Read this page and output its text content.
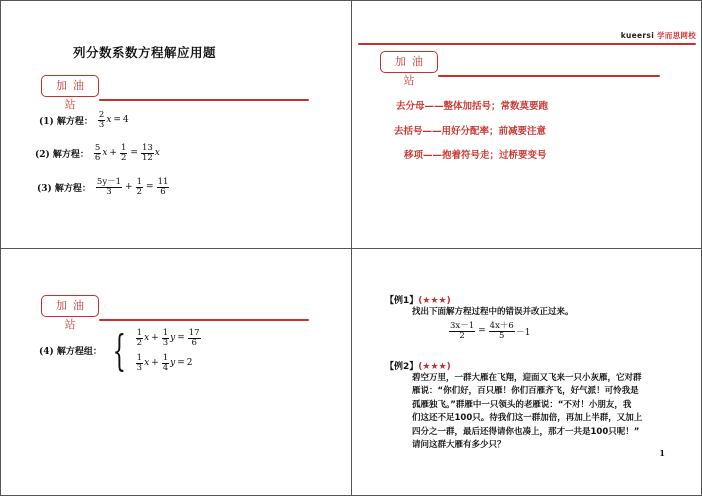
列分数系数方程解应用题
加油站
(1) 解方程： $\frac{2}{3}$ x = 4
(2) 解方程： $\frac{5}{6}$ $x + \frac{1}{2} = \frac{13}{12}$ x
(3) 解方程： $\frac{5y-1}{3} + \frac{1}{2} = \frac{11}{6}$
kueersi 学而思网校
加油站
去分母——整体加括号；常数莫要跑
去括号——用好分配率；前减要注意
移项——抱着符号走；过桥要变号
加油站
(4) 解方程组： { $\frac{1}{2}$ $x + \frac{1}{3}$ $y = \frac{17}{6}$
$\frac{1}{3}$ $x + \frac{1}{4}$ y = 2
【例1】(★★★)
找出下面解方程过程中的错误并改正过来。
$\frac{3x-1}{2} = \frac{4x+6}{5} -1$
【例2】(★★★)
碧空万里，一群大雁在飞翔，迎面又飞来一只小灰雁，它对群
雁说：“你们好，百只雁！你们百雁齐飞，好气派！可怜我是
孤雁独飞。”群雁中一只领头的老雁说：“不对！小朋友，我
们这还不足100只。待我们这一群加倍，再加上半群，又加上
四分之一群，最后还得请你也凑上，那才一共是100只呢！”
请问这群大雁有多少只？
1
